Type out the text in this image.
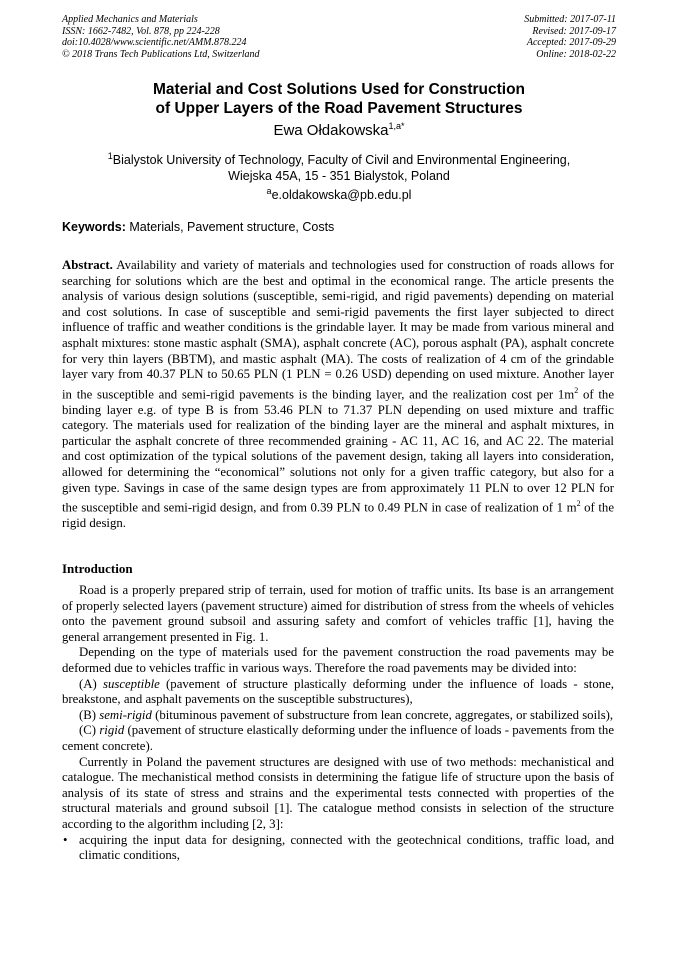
Applied Mechanics and Materials
ISSN: 1662-7482, Vol. 878, pp 224-228
doi:10.4028/www.scientific.net/AMM.878.224
© 2018 Trans Tech Publications Ltd, Switzerland
Submitted: 2017-07-11
Revised: 2017-09-17
Accepted: 2017-09-29
Online: 2018-02-22
Material and Cost Solutions Used for Construction
of Upper Layers of the Road Pavement Structures
Ewa Ołdakowska$^{1,a*}$
$^1$Bialystok University of Technology, Faculty of Civil and Environmental Engineering,
Wiejska 45A, 15 - 351 Bialystok, Poland
$^a$e.oldakowska@pb.edu.pl
Keywords: Materials, Pavement structure, Costs

Abstract. Availability and variety of materials and technologies used for construction of roads allows for searching for solutions which are the best and optimal in the economical range. The article presents the analysis of various design solutions (susceptible, semi-rigid, and rigid pavements) depending on material and cost solutions. In case of susceptible and semi-rigid pavements the first layer subjected to direct influence of traffic and weather conditions is the grindable layer. It may be made from various mineral and asphalt mixtures: stone mastic asphalt (SMA), asphalt concrete (AC), porous asphalt (PA), asphalt concrete for very thin layers (BBTM), and mastic asphalt (MA). The costs of realization of 4 cm of the grindable layer vary from 40.37 PLN to 50.65 PLN (1 PLN = 0.26 USD) depending on used mixture. Another layer in the susceptible and semi-rigid pavements is the binding layer, and the realization cost per $1m^2$ of the binding layer e.g. of type B is from 53.46 PLN to 71.37 PLN depending on used mixture and traffic category. The materials used for realization of the binding layer are the mineral and asphalt mixtures, in particular the asphalt concrete of three recommended graining - AC 11, AC 16, and AC 22. The material and cost optimization of the typical solutions of the pavement design, taking all layers into consideration, allowed for determining the “economical” solutions not only for a given traffic category, but also for a given type. Savings in case of the same design types are from approximately 11 PLN to over 12 PLN for the susceptible and semi-rigid design, and from 0.39 PLN to 0.49 PLN in case of realization of 1 $m^2$ of the rigid design.

Introduction

Road is a properly prepared strip of terrain, used for motion of traffic units. Its base is an arrangement of properly selected layers (pavement structure) aimed for distribution of stress from the wheels of vehicles onto the pavement ground subsoil and assuring safety and comfort of vehicles traffic [1], having the general arrangement presented in Fig. 1.

Depending on the type of materials used for the pavement construction the road pavements may be deformed due to vehicles traffic in various ways. Therefore the road pavements may be divided into:

(A) susceptible (pavement of structure plastically deforming under the influence of loads - stone, breakstone, and asphalt pavements on the susceptible substructures),

(B) semi-rigid (bituminous pavement of substructure from lean concrete, aggregates, or stabilized soils),

(C) rigid (pavement of structure elastically deforming under the influence of loads - pavements from the cement concrete).

Currently in Poland the pavement structures are designed with use of two methods: mechanistical and catalogue. The mechanistical method consists in determining the fatigue life of structure upon the basis of analysis of its state of stress and strains and the experimental tests connected with properties of the structural materials and ground subsoil [1]. The catalogue method consists in selection of the structure according to the algorithm including [2, 3]:

• acquiring the input data for designing, connected with the geotechnical conditions, traffic load, and climatic conditions,
